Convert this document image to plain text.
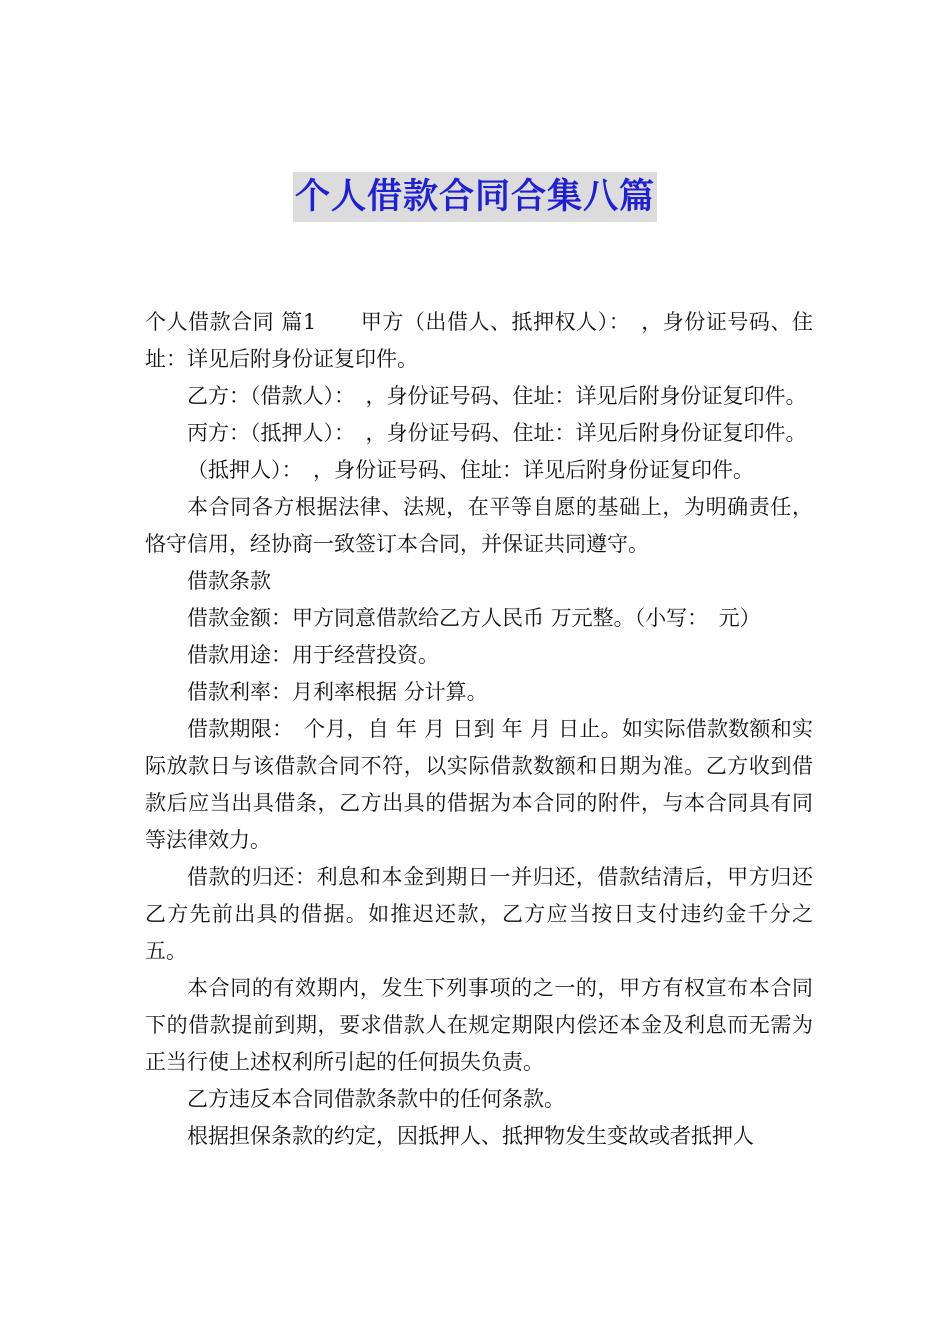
个人借款合同合集八篇

个人借款合同 篇1 甲方（出借人、抵押权人）：　，身份证号码、住址：详见后附身份证复印件。

乙方：（借款人）：　，身份证号码、住址：详见后附身份证复印件。

丙方：（抵押人）：　，身份证号码、住址：详见后附身份证复印件。

（抵押人）：　，身份证号码、住址：详见后附身份证复印件。

本合同各方根据法律、法规，在平等自愿的基础上，为明确责任，恪守信用，经协商一致签订本合同，并保证共同遵守。

借款条款

借款金额：甲方同意借款给乙方人民币 万元整。（小写：　元）

借款用途：用于经营投资。

借款利率：月利率根据 分计算。

借款期限：　个月，自 年 月 日到 年 月 日止。如实际借款数额和实际放款日与该借款合同不符，以实际借款数额和日期为准。乙方收到借款后应当出具借条，乙方出具的借据为本合同的附件，与本合同具有同等法律效力。

借款的归还：利息和本金到期日一并归还，借款结清后，甲方归还乙方先前出具的借据。如推迟还款，乙方应当按日支付违约金千分之五。

本合同的有效期内，发生下列事项的之一的，甲方有权宣布本合同下的借款提前到期，要求借款人在规定期限内偿还本金及利息而无需为正当行使上述权利所引起的任何损失负责。

乙方违反本合同借款条款中的任何条款。

根据担保条款的约定，因抵押人、抵押物发生变故或者抵押人
